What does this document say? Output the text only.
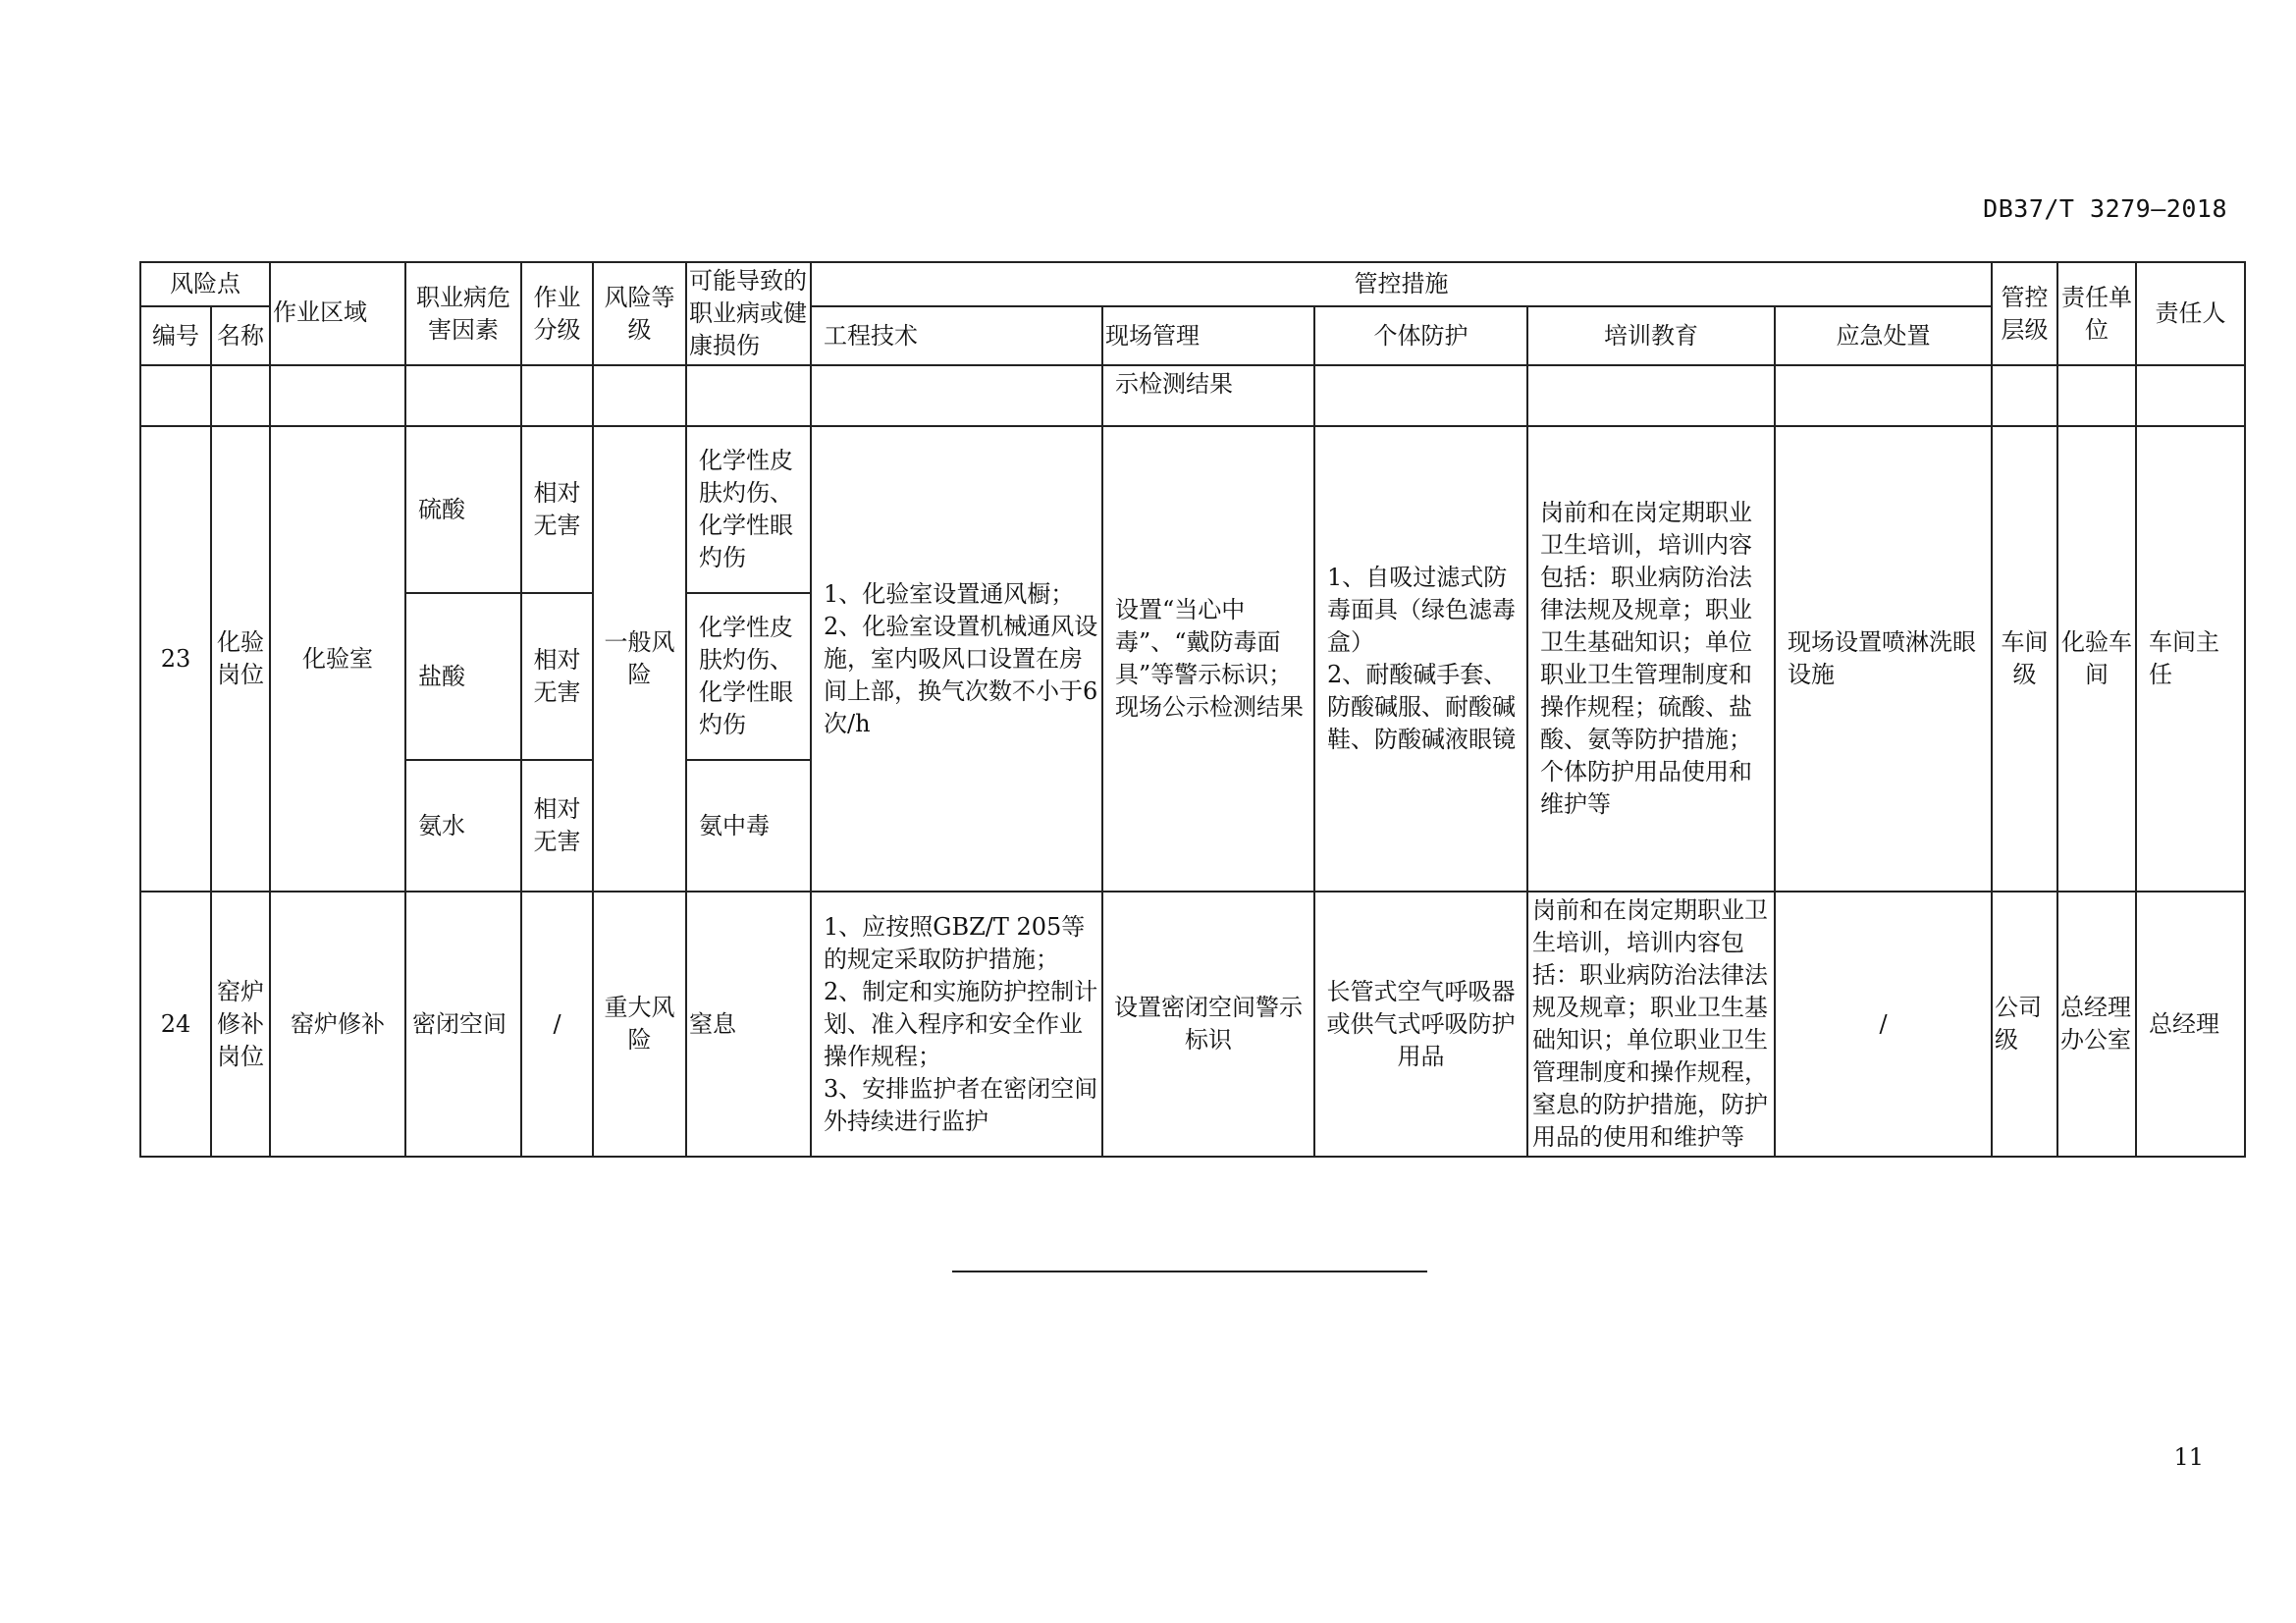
DB37/T 3279—2018
风险点		作业区域	职业病危害因素	作业分级	风险等级	可能导致的职业病或健康损伤	管控措施					管控层级	责任单位	责任人
编号	名称						工程技术	现场管理	个体防护	培训教育	应急处置			
								示检测结果						
23	化验岗位	化验室	硫酸	相对无害	一般风险	化学性皮肤灼伤、化学性眼灼伤	1、化验室设置通风橱；
2、化验室设置机械通风设施，室内吸风口设置在房间上部，换气次数不小于6次/h	设置“当心中毒”、“戴防毒面具”等警示标识；现场公示检测结果	1、自吸过滤式防毒面具（绿色滤毒盒）
2、耐酸碱手套、防酸碱服、耐酸碱鞋、防酸碱液眼镜	岗前和在岗定期职业卫生培训，培训内容包括：职业病防治法律法规及规章；职业卫生基础知识；单位职业卫生管理制度和操作规程；硫酸、盐酸、氨等防护措施；个体防护用品使用和维护等	现场设置喷淋洗眼设施	车间级	化验车间	车间主任
			盐酸	相对无害		化学性皮肤灼伤、化学性眼灼伤								
			氨水	相对无害		氨中毒								
24	窑炉修补岗位	窑炉修补	密闭空间	/	重大风险	窒息	1、应按照GBZ/T 205等的规定采取防护措施；
2、制定和实施防护控制计划、准入程序和安全作业操作规程；
3、安排监护者在密闭空间外持续进行监护	设置密闭空间警示标识	长管式空气呼吸器或供气式呼吸防护用品	岗前和在岗定期职业卫生培训，培训内容包括：职业病防治法律法规及规章；职业卫生基础知识；单位职业卫生管理制度和操作规程，窒息的防护措施，防护用品的使用和维护等	/	公司级	总经理办公室	总经理
11
